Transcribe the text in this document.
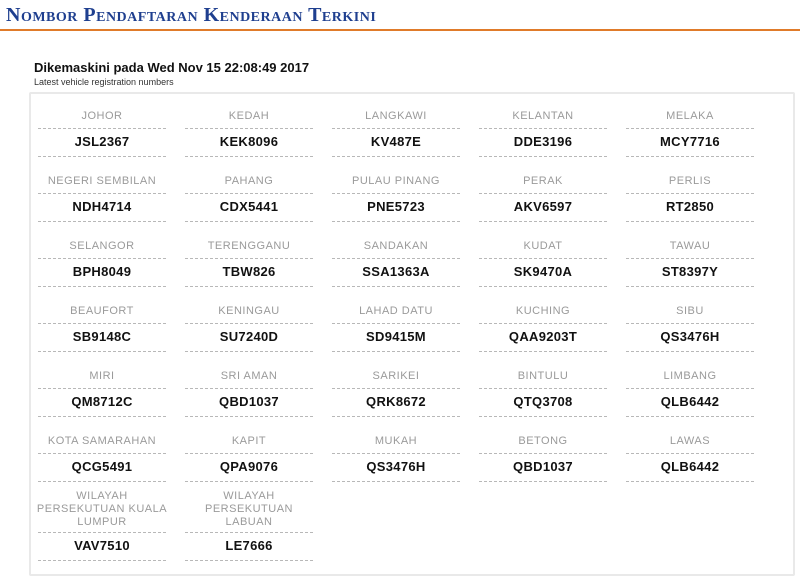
Nombor Pendaftaran Kenderaan Terkini
Dikemaskini pada Wed Nov 15 22:08:49 2017
Latest vehicle registration numbers
JOHOR
JSL2367
KEDAH
KEK8096
LANGKAWI
KV487E
KELANTAN
DDE3196
MELAKA
MCY7716
NEGERI SEMBILAN
NDH4714
PAHANG
CDX5441
PULAU PINANG
PNE5723
PERAK
AKV6597
PERLIS
RT2850
SELANGOR
BPH8049
TERENGGANU
TBW826
SANDAKAN
SSA1363A
KUDAT
SK9470A
TAWAU
ST8397Y
BEAUFORT
SB9148C
KENINGAU
SU7240D
LAHAD DATU
SD9415M
KUCHING
QAA9203T
SIBU
QS3476H
MIRI
QM8712C
SRI AMAN
QBD1037
SARIKEI
QRK8672
BINTULU
QTQ3708
LIMBANG
QLB6442
KOTA SAMARAHAN
QCG5491
KAPIT
QPA9076
MUKAH
QS3476H
BETONG
QBD1037
LAWAS
QLB6442
WILAYAH PERSEKUTUAN KUALA LUMPUR
VAV7510
WILAYAH PERSEKUTUAN LABUAN
LE7666
